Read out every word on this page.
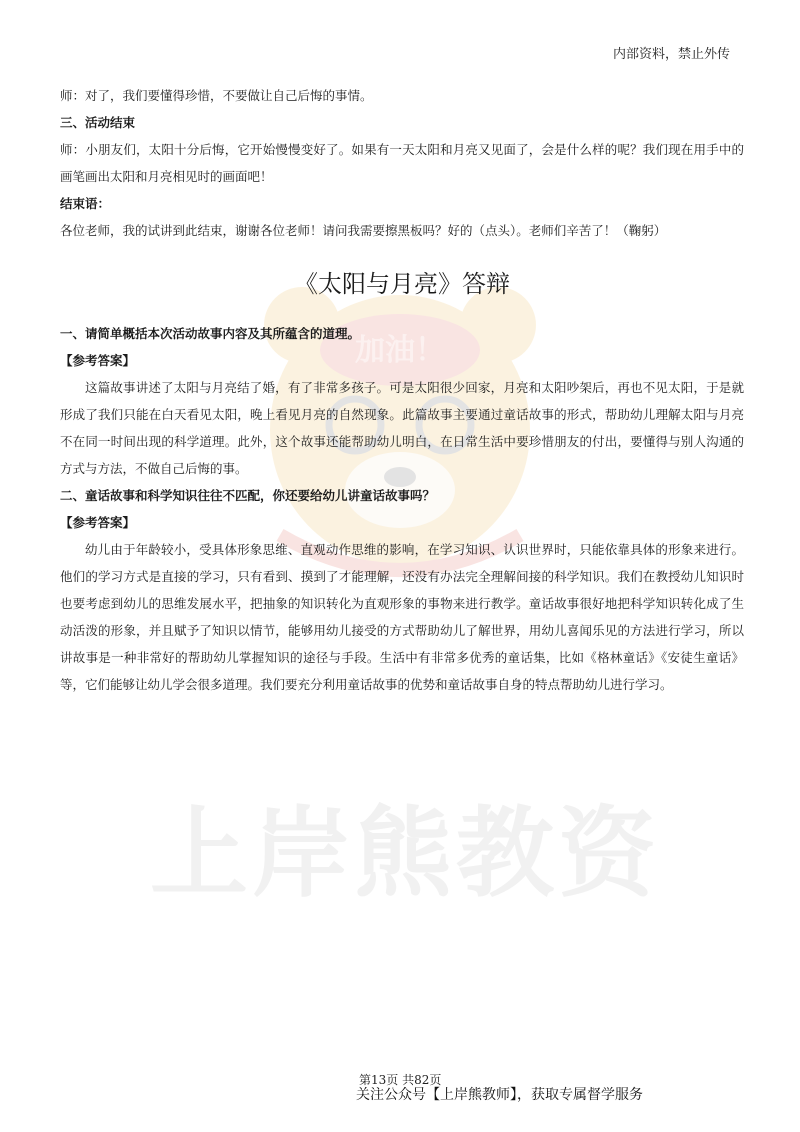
加油！
上岸熊教资
内部资料，禁止外传
师：对了，我们要懂得珍惜，不要做让自己后悔的事情。
三、活动结束
师：小朋友们，太阳十分后悔，它开始慢慢变好了。如果有一天太阳和月亮又见面了，会是什么样的呢？我们现在用手中的画笔画出太阳和月亮相见时的画面吧！
结束语：
各位老师，我的试讲到此结束，谢谢各位老师！请问我需要擦黑板吗？好的（点头）。老师们辛苦了！（鞠躬）
《太阳与月亮》答辩
一、请简单概括本次活动故事内容及其所蕴含的道理。
【参考答案】
这篇故事讲述了太阳与月亮结了婚，有了非常多孩子。可是太阳很少回家，月亮和太阳吵架后，再也不见太阳，于是就形成了我们只能在白天看见太阳，晚上看见月亮的自然现象。此篇故事主要通过童话故事的形式，帮助幼儿理解太阳与月亮不在同一时间出现的科学道理。此外，这个故事还能帮助幼儿明白，在日常生活中要珍惜朋友的付出，要懂得与别人沟通的方式与方法，不做自己后悔的事。
二、童话故事和科学知识往往不匹配，你还要给幼儿讲童话故事吗？
【参考答案】
幼儿由于年龄较小，受具体形象思维、直观动作思维的影响，在学习知识、认识世界时，只能依靠具体的形象来进行。他们的学习方式是直接的学习，只有看到、摸到了才能理解，还没有办法完全理解间接的科学知识。我们在教授幼儿知识时也要考虑到幼儿的思维发展水平，把抽象的知识转化为直观形象的事物来进行教学。童话故事很好地把科学知识转化成了生动活泼的形象，并且赋予了知识以情节，能够用幼儿接受的方式帮助幼儿了解世界，用幼儿喜闻乐见的方法进行学习，所以讲故事是一种非常好的帮助幼儿掌握知识的途径与手段。生活中有非常多优秀的童话集，比如《格林童话》《安徒生童话》等，它们能够让幼儿学会很多道理。我们要充分利用童话故事的优势和童话故事自身的特点帮助幼儿进行学习。
第13页 共82页
关注公众号【上岸熊教师】，获取专属督学服务
